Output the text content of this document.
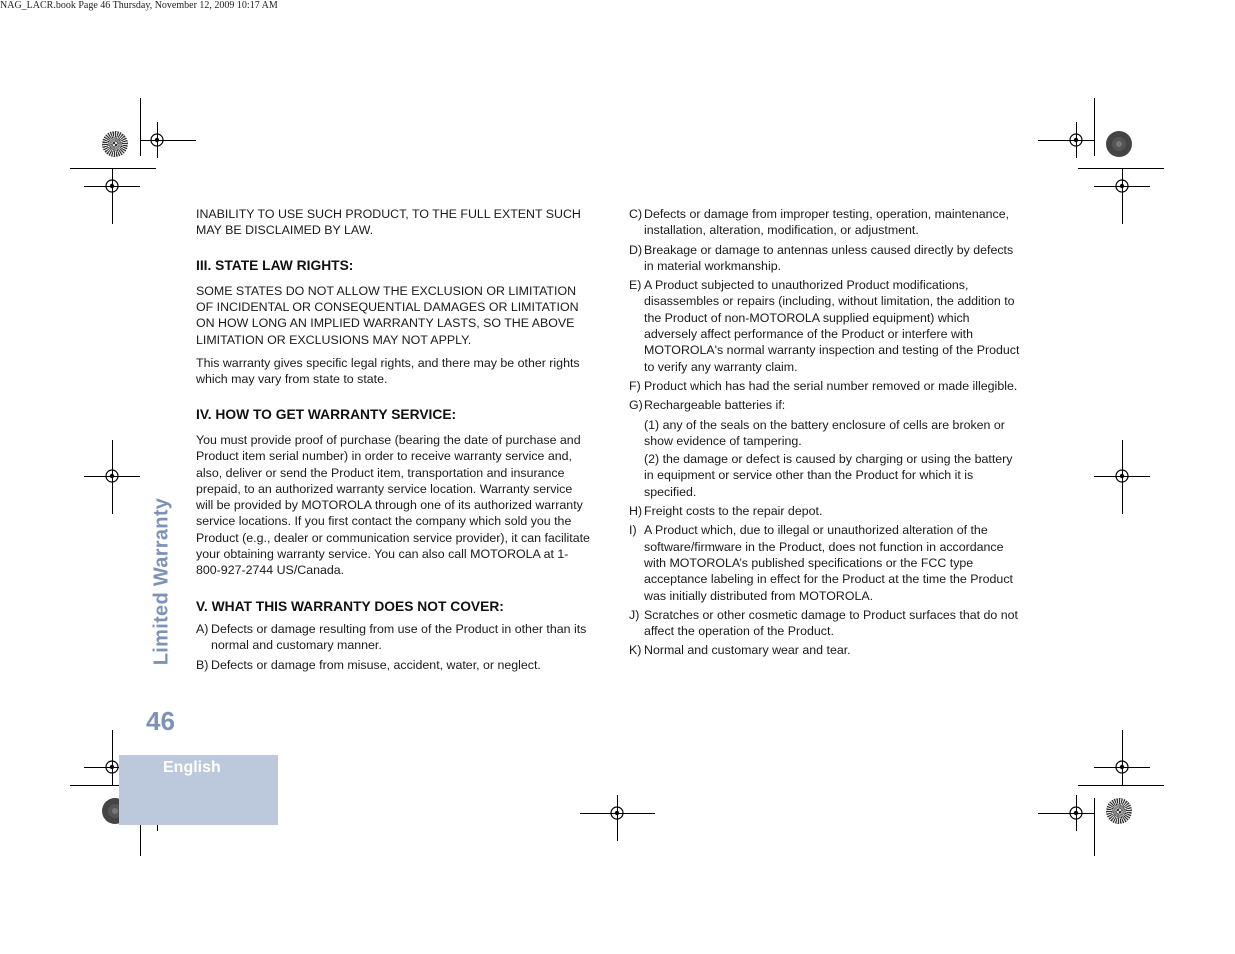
NAG_LACR.book Page 46 Thursday, November 12, 2009 10:17 AM
Limited Warranty
46
English

INABILITY TO USE SUCH PRODUCT, TO THE FULL EXTENT SUCH MAY BE DISCLAIMED BY LAW.

III. STATE LAW RIGHTS:

SOME STATES DO NOT ALLOW THE EXCLUSION OR LIMITATION OF INCIDENTAL OR CONSEQUENTIAL DAMAGES OR LIMITATION ON HOW LONG AN IMPLIED WARRANTY LASTS, SO THE ABOVE LIMITATION OR EXCLUSIONS MAY NOT APPLY.

This warranty gives specific legal rights, and there may be other rights which may vary from state to state.

IV. HOW TO GET WARRANTY SERVICE:

You must provide proof of purchase (bearing the date of purchase and Product item serial number) in order to receive warranty service and, also, deliver or send the Product item, transportation and insurance prepaid, to an authorized warranty service location. Warranty service will be provided by MOTOROLA through one of its authorized warranty service locations. If you first contact the company which sold you the Product (e.g., dealer or communication service provider), it can facilitate your obtaining warranty service. You can also call MOTOROLA at 1-800-927-2744 US/Canada.

V. WHAT THIS WARRANTY DOES NOT COVER:
A) Defects or damage resulting from use of the Product in other than its normal and customary manner.
B) Defects or damage from misuse, accident, water, or neglect.
C) Defects or damage from improper testing, operation, maintenance, installation, alteration, modification, or adjustment.
D) Breakage or damage to antennas unless caused directly by defects in material workmanship.
E) A Product subjected to unauthorized Product modifications, disassembles or repairs (including, without limitation, the addition to the Product of non-MOTOROLA supplied equipment) which adversely affect performance of the Product or interfere with MOTOROLA's normal warranty inspection and testing of the Product to verify any warranty claim.
F) Product which has had the serial number removed or made illegible.
G) Rechargeable batteries if:

(1) any of the seals on the battery enclosure of cells are broken or show evidence of tampering.

(2) the damage or defect is caused by charging or using the battery in equipment or service other than the Product for which it is specified.

H) Freight costs to the repair depot.
I) A Product which, due to illegal or unauthorized alteration of the software/firmware in the Product, does not function in accordance with MOTOROLA’s published specifications or the FCC type acceptance labeling in effect for the Product at the time the Product was initially distributed from MOTOROLA.
J) Scratches or other cosmetic damage to Product surfaces that do not affect the operation of the Product.
K) Normal and customary wear and tear.
